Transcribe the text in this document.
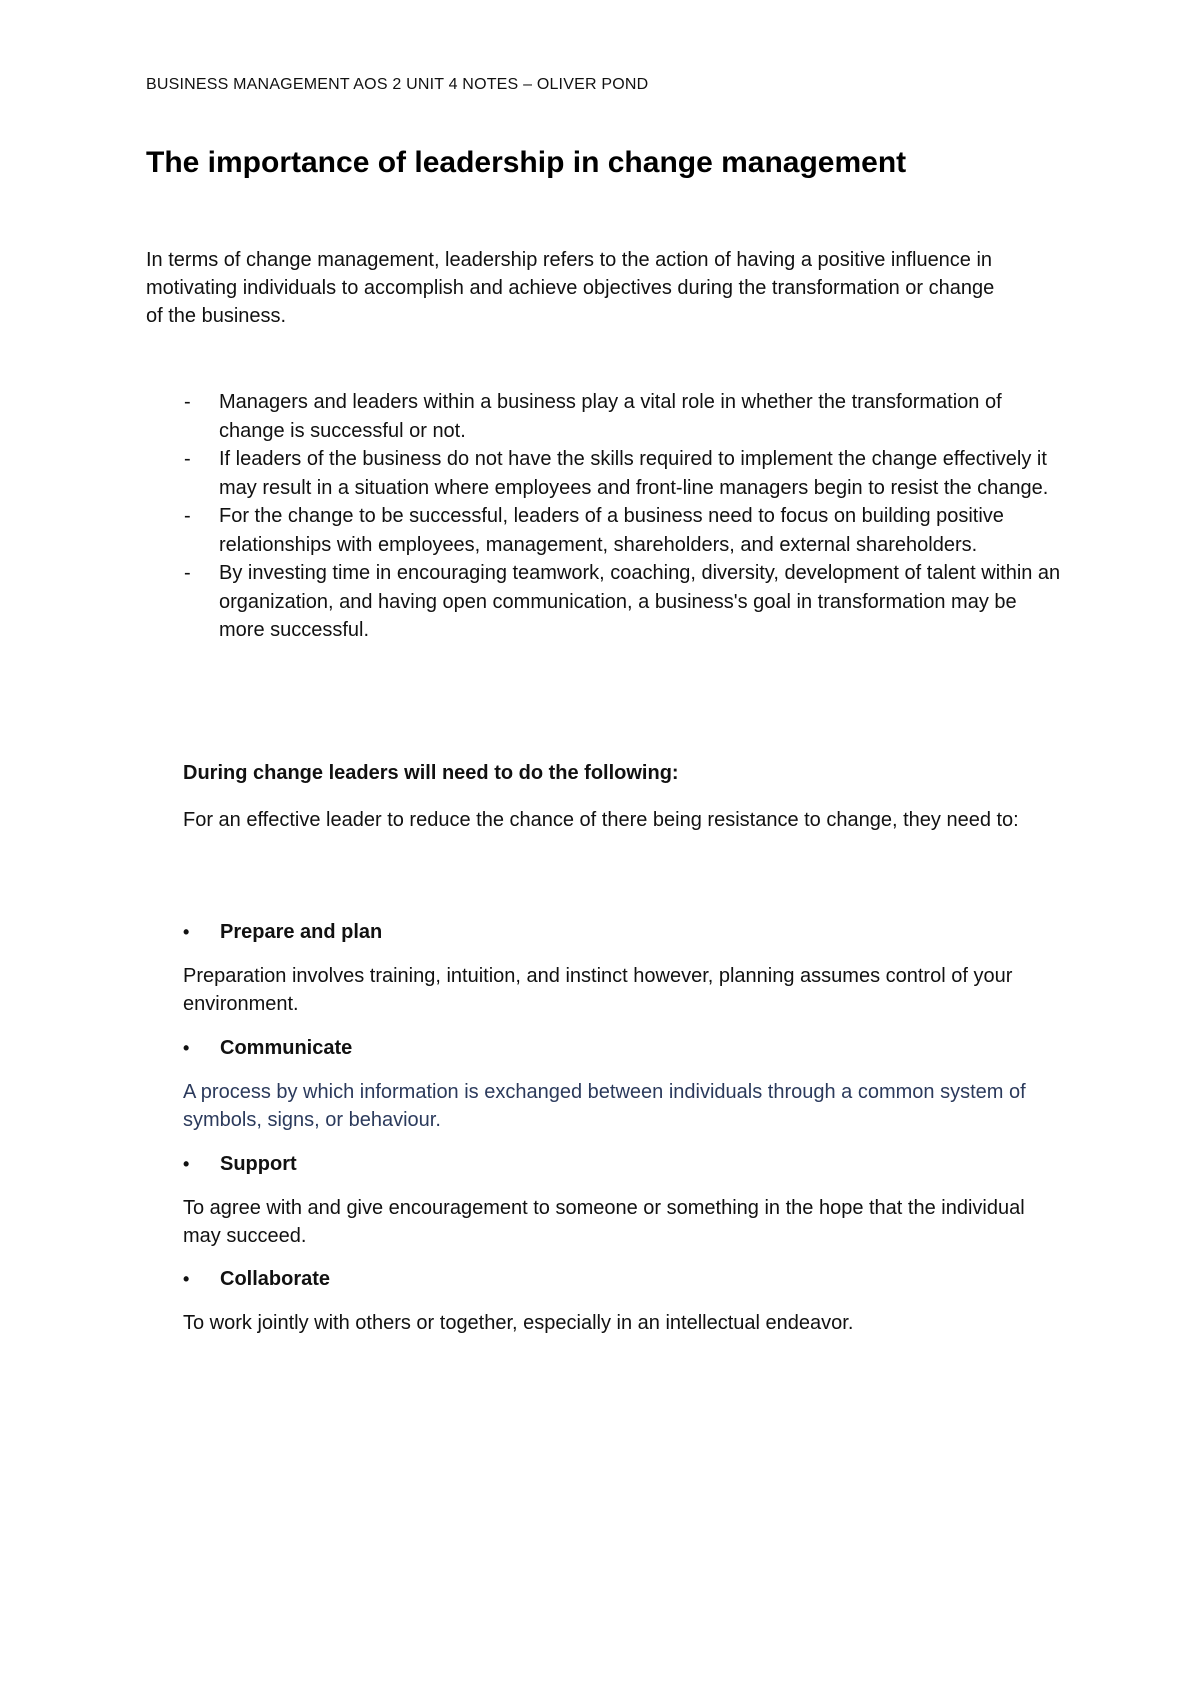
BUSINESS MANAGEMENT AOS 2 UNIT 4 NOTES – OLIVER POND
The importance of leadership in change management

In terms of change management, leadership refers to the action of having a positive influence in motivating individuals to accomplish and achieve objectives during the transformation or change of the business.

- Managers and leaders within a business play a vital role in whether the transformation of change is successful or not.
- If leaders of the business do not have the skills required to implement the change effectively it may result in a situation where employees and front-line managers begin to resist the change.
- For the change to be successful, leaders of a business need to focus on building positive relationships with employees, management, shareholders, and external shareholders.
- By investing time in encouraging teamwork, coaching, diversity, development of talent within an organization, and having open communication, a business's goal in transformation may be more successful.
During change leaders will need to do the following:

For an effective leader to reduce the chance of there being resistance to change, they need to:

• Prepare and plan

Preparation involves training, intuition, and instinct however, planning assumes control of your environment.

• Communicate

A process by which information is exchanged between individuals through a common system of symbols, signs, or behaviour.

• Support

To agree with and give encouragement to someone or something in the hope that the individual may succeed.

• Collaborate

To work jointly with others or together, especially in an intellectual endeavor.
